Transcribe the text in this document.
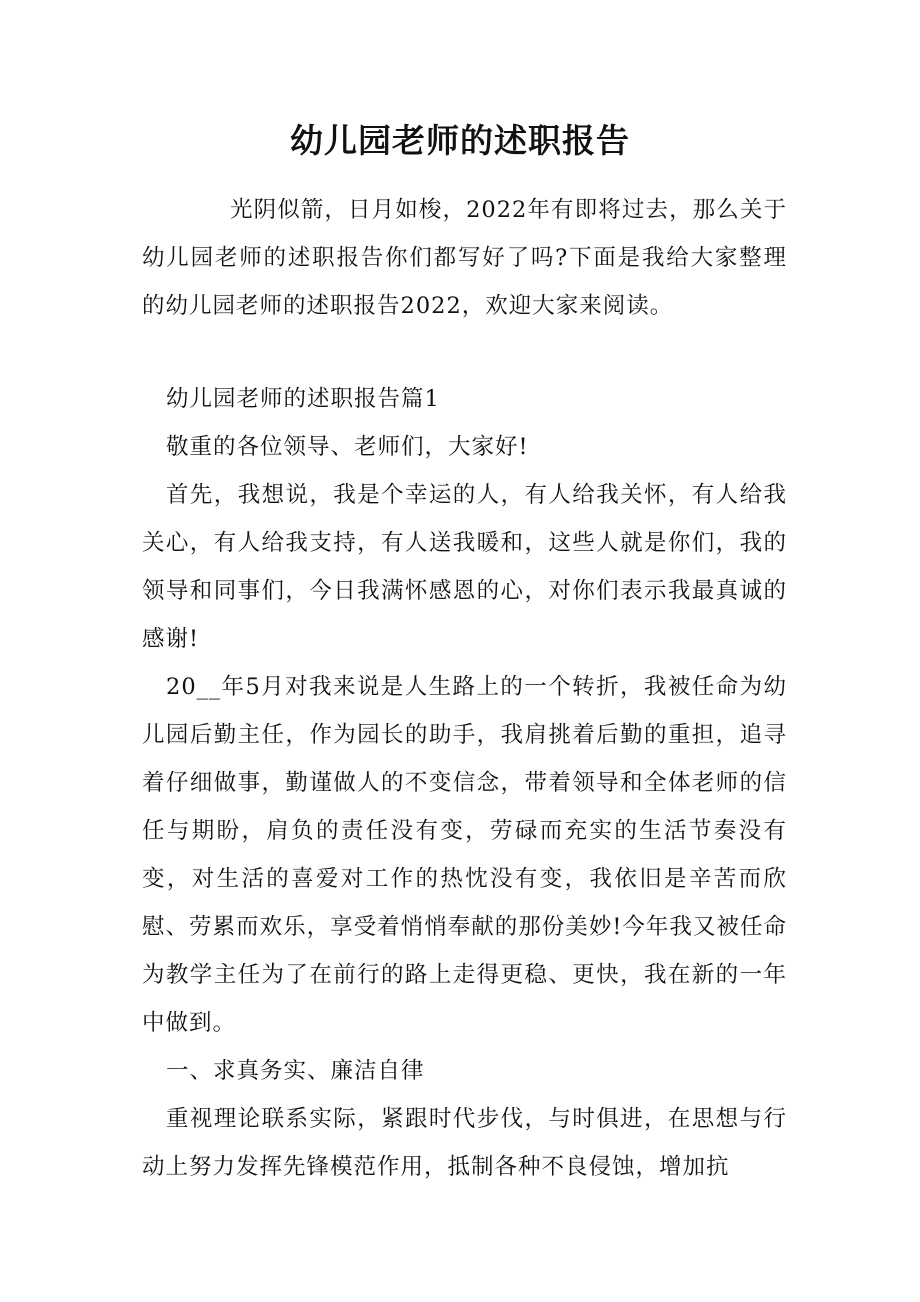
幼儿园老师的述职报告

光阴似箭，日月如梭，2022年有即将过去，那么关于幼儿园老师的述职报告你们都写好了吗?下面是我给大家整理的幼儿园老师的述职报告2022，欢迎大家来阅读。

幼儿园老师的述职报告篇1

敬重的各位领导、老师们，大家好!

首先，我想说，我是个幸运的人，有人给我关怀，有人给我关心，有人给我支持，有人送我暖和，这些人就是你们，我的领导和同事们，今日我满怀感恩的心，对你们表示我最真诚的感谢!

20__年5月对我来说是人生路上的一个转折，我被任命为幼儿园后勤主任，作为园长的助手，我肩挑着后勤的重担，追寻着仔细做事，勤谨做人的不变信念，带着领导和全体老师的信任与期盼，肩负的责任没有变，劳碌而充实的生活节奏没有变，对生活的喜爱对工作的热忱没有变，我依旧是辛苦而欣慰、劳累而欢乐，享受着悄悄奉献的那份美妙!今年我又被任命为教学主任为了在前行的路上走得更稳、更快，我在新的一年中做到。

一、求真务实、廉洁自律

重视理论联系实际，紧跟时代步伐，与时俱进，在思想与行动上努力发挥先锋模范作用，抵制各种不良侵蚀，增加抗
